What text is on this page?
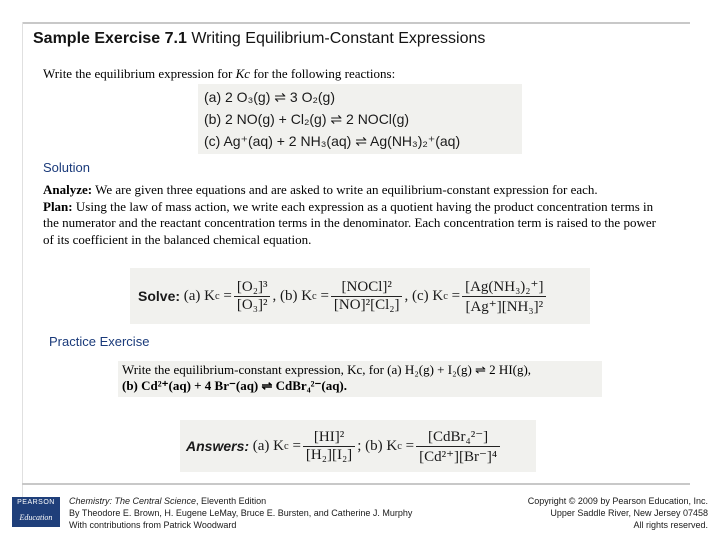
Sample Exercise 7.1 Writing Equilibrium-Constant Expressions
Write the equilibrium expression for Kc for the following reactions:
(a) 2 O₃(g) ⇌ 3 O₂(g)
(b) 2 NO(g) + Cl₂(g) ⇌ 2 NOCl(g)
(c) Ag⁺(aq) + 2 NH₃(aq) ⇌ Ag(NH₃)₂⁺(aq)
Solution
Analyze: We are given three equations and are asked to write an equilibrium-constant expression for each.
Plan: Using the law of mass action, we write each expression as a quotient having the product concentration terms in the numerator and the reactant concentration terms in the denominator. Each concentration term is raised to the power of its coefficient in the balanced chemical equation.
Solve:
(a) K $c = \frac{\text{[O₂]³}}{\text{[O₃]²}}$ , (b) K $c = \frac{\text{[NOCl]²}}{\text{[NO]²[Cl₂]}}$ , (c) K $c = \frac{\text{[Ag(NH₃)₂⁺]}}{\text{[Ag⁺][NH₃]²}}$
Practice Exercise
Write the equilibrium-constant expression, Kc, for (a) H₂(g) + I₂(g) ⇌ 2 HI(g),
(b) Cd²⁺(aq) + 4 Br⁻(aq) ⇌ CdBr₄²⁻(aq).
Answers:
(a) K $c = \frac{\text{[HI]²}}{\text{[H₂][I₂]}}$ ; (b) K $c = \frac{\text{[CdBr₄²⁻]}}{\text{[Cd²⁺][Br⁻]⁴}}$
PEARSON
Education
Chemistry: The Central Science, Eleventh Edition
By Theodore E. Brown, H. Eugene LeMay, Bruce E. Bursten, and Catherine J. Murphy
With contributions from Patrick Woodward
Copyright © 2009 by Pearson Education, Inc.
Upper Saddle River, New Jersey 07458
All rights reserved.
